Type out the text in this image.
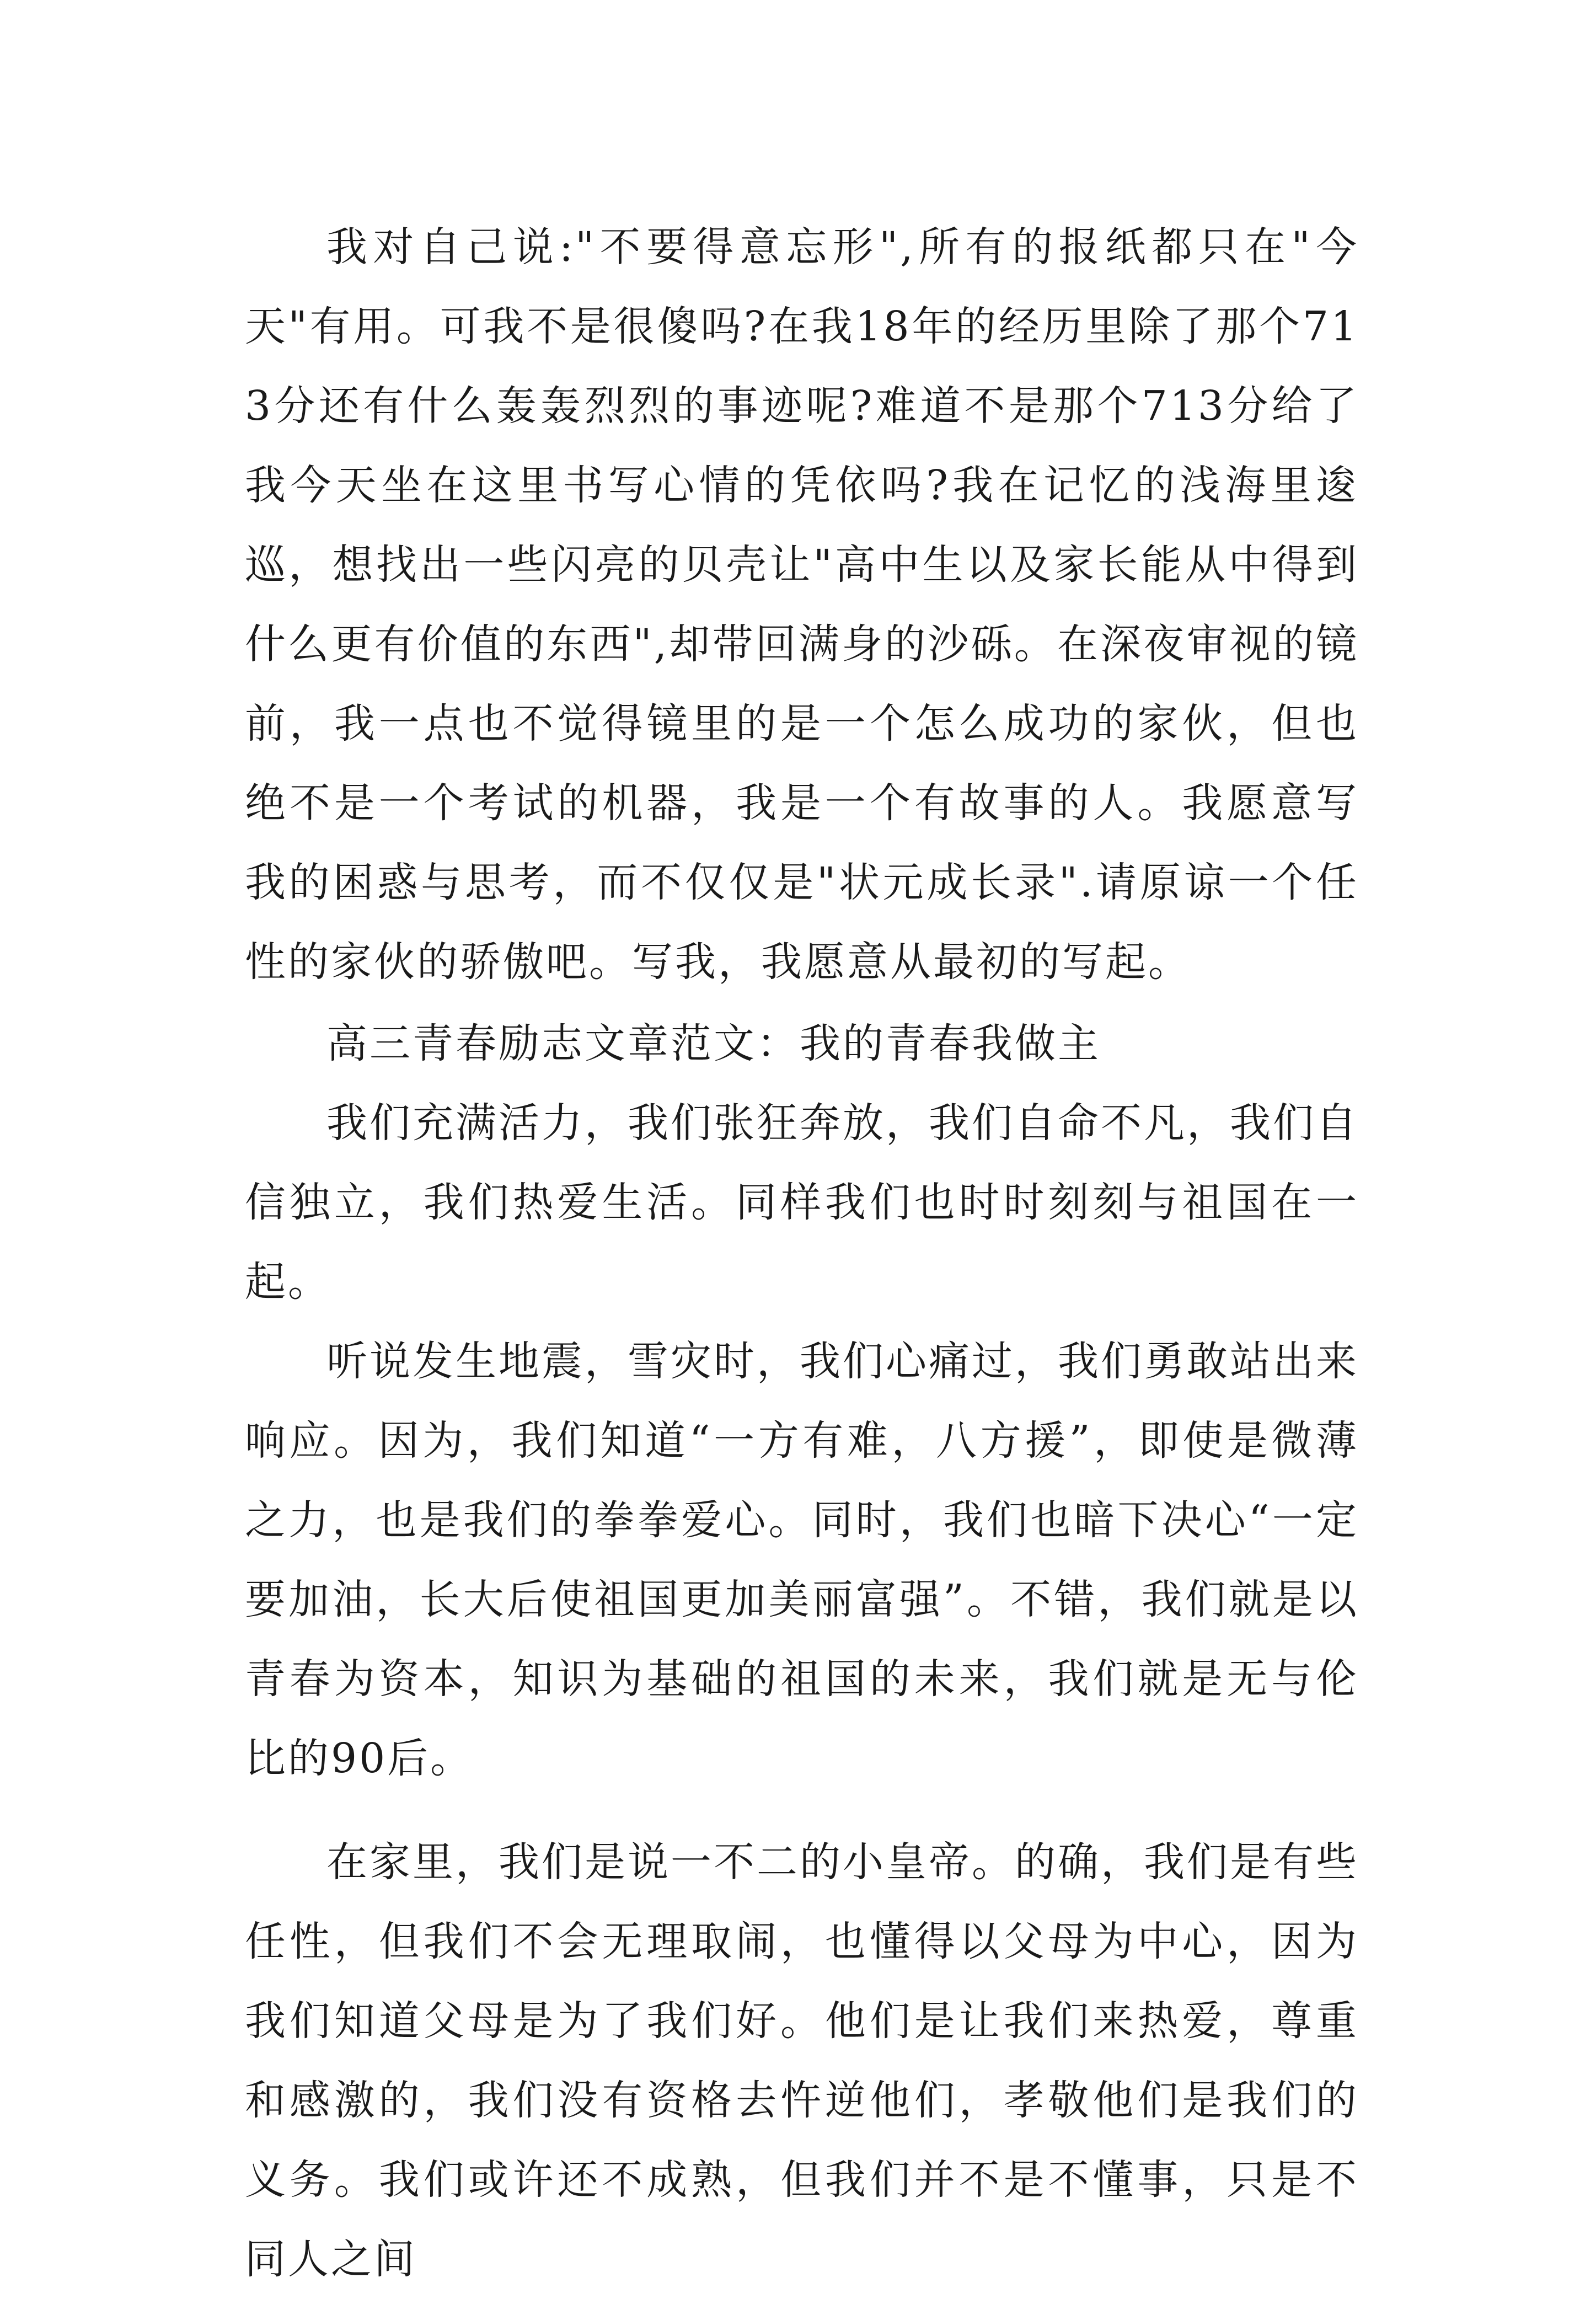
我对自己说:"不要得意忘形",所有的报纸都只在"今天"有用。可我不是很傻吗?在我18年的经历里除了那个713分还有什么轰轰烈烈的事迹呢?难道不是那个713分给了我今天坐在这里书写心情的凭依吗?我在记忆的浅海里逡巡，想找出一些闪亮的贝壳让"高中生以及家长能从中得到什么更有价值的东西",却带回满身的沙砾。在深夜审视的镜前，我一点也不觉得镜里的是一个怎么成功的家伙，但也绝不是一个考试的机器，我是一个有故事的人。我愿意写我的困惑与思考，而不仅仅是"状元成长录".请原谅一个任性的家伙的骄傲吧。写我，我愿意从最初的写起。

高三青春励志文章范文：我的青春我做主

我们充满活力，我们张狂奔放，我们自命不凡，我们自信独立，我们热爱生活。同样我们也时时刻刻与祖国在一起。

听说发生地震，雪灾时，我们心痛过，我们勇敢站出来响应。因为，我们知道“一方有难，八方援”，即使是微薄之力，也是我们的拳拳爱心。同时，我们也暗下决心“一定要加油，长大后使祖国更加美丽富强”。不错，我们就是以青春为资本，知识为基础的祖国的未来，我们就是无与伦比的90后。

在家里，我们是说一不二的小皇帝。的确，我们是有些任性，但我们不会无理取闹，也懂得以父母为中心，因为我们知道父母是为了我们好。他们是让我们来热爱，尊重和感激的，我们没有资格去忤逆他们，孝敬他们是我们的义务。我们或许还不成熟，但我们并不是不懂事，只是不同人之间
